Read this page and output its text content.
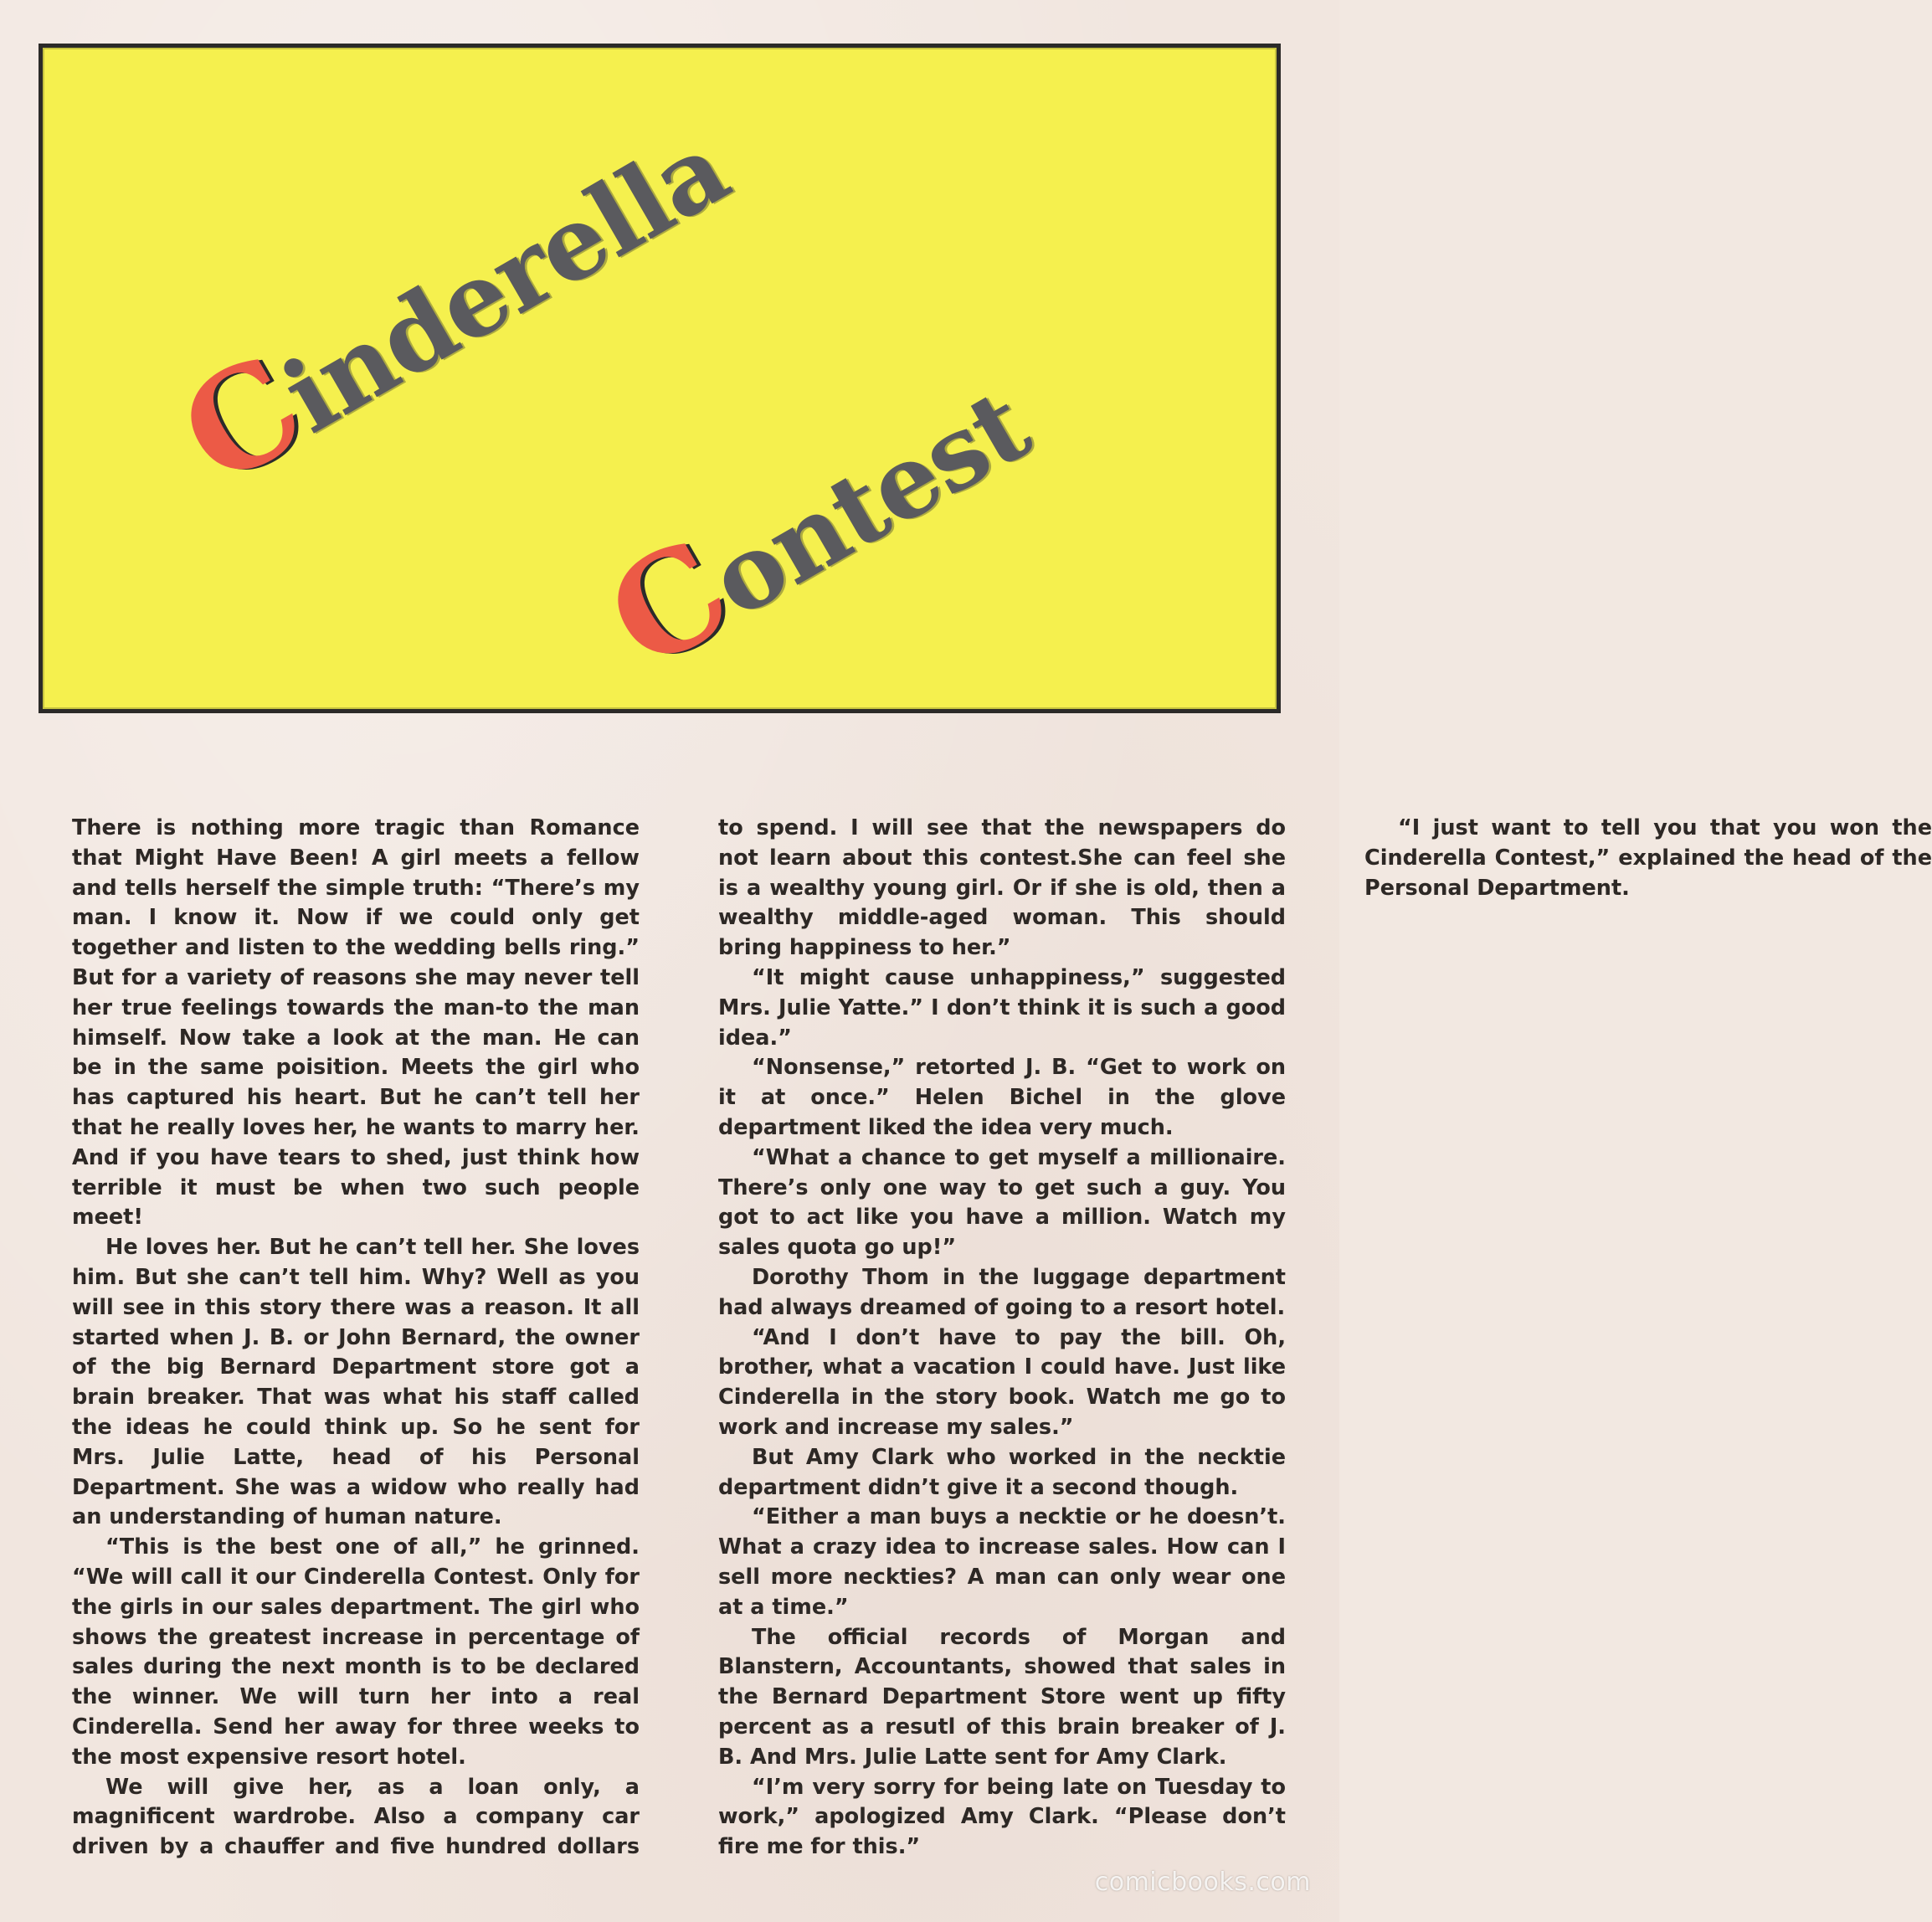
Cinderella
Contest

There is nothing more tragic than Romance that Might Have Been! A girl meets a fellow and tells herself the simple truth: “There’s my man. I know it. Now if we could only get together and listen to the wedding bells ring.” But for a variety of reasons she may never tell her true feelings towards the man-to the man himself. Now take a look at the man. He can be in the same poisition. Meets the girl who has captured his heart. But he can’t tell her that he really loves her, he wants to marry her. And if you have tears to shed, just think how terrible it must be when two such people meet!

He loves her. But he can’t tell her. She loves him. But she can’t tell him. Why? Well as you will see in this story there was a reason. It all started when J. B. or John Bernard, the owner of the big Bernard Department store got a brain breaker. That was what his staff called the ideas he could think up. So he sent for Mrs. Julie Latte, head of his Personal Department. She was a widow who really had an understanding of human nature.

“This is the best one of all,” he grinned. “We will call it our Cinderella Contest. Only for the girls in our sales department. The girl who shows the greatest increase in percentage of sales during the next month is to be declared the winner. We will turn her into a real Cinderella. Send her away for three weeks to the most expensive resort hotel.

We will give her, as a loan only, a magnificent wardrobe. Also a company car driven by a chauffer and five hundred dollars to spend. I will see that the newspapers do not learn about this contest.She can feel she is a wealthy young girl. Or if she is old, then a wealthy middle-aged woman. This should bring happiness to her.”

“It might cause unhappiness,” suggested Mrs. Julie Yatte.” I don’t think it is such a good idea.”

“Nonsense,” retorted J. B. “Get to work on it at once.” Helen Bichel in the glove department liked the idea very much.

“What a chance to get myself a millionaire. There’s only one way to get such a guy. You got to act like you have a million. Watch my sales quota go up!”

Dorothy Thom in the luggage department had always dreamed of going to a resort hotel.

“And I don’t have to pay the bill. Oh, brother, what a vacation I could have. Just like Cinderella in the story book. Watch me go to work and increase my sales.”

But Amy Clark who worked in the necktie department didn’t give it a second though.

“Either a man buys a necktie or he doesn’t. What a crazy idea to increase sales. How can I sell more neckties? A man can only wear one at a time.”

The official records of Morgan and Blanstern, Accountants, showed that sales in the Bernard Department Store went up fifty percent as a resutl of this brain breaker of J. B. And Mrs. Julie Latte sent for Amy Clark.

“I’m very sorry for being late on Tuesday to work,” apologized Amy Clark. “Please don’t fire me for this.”

“I just want to tell you that you won the Cinderella Contest,” explained the head of the Personal Department.

comicbooks.com
